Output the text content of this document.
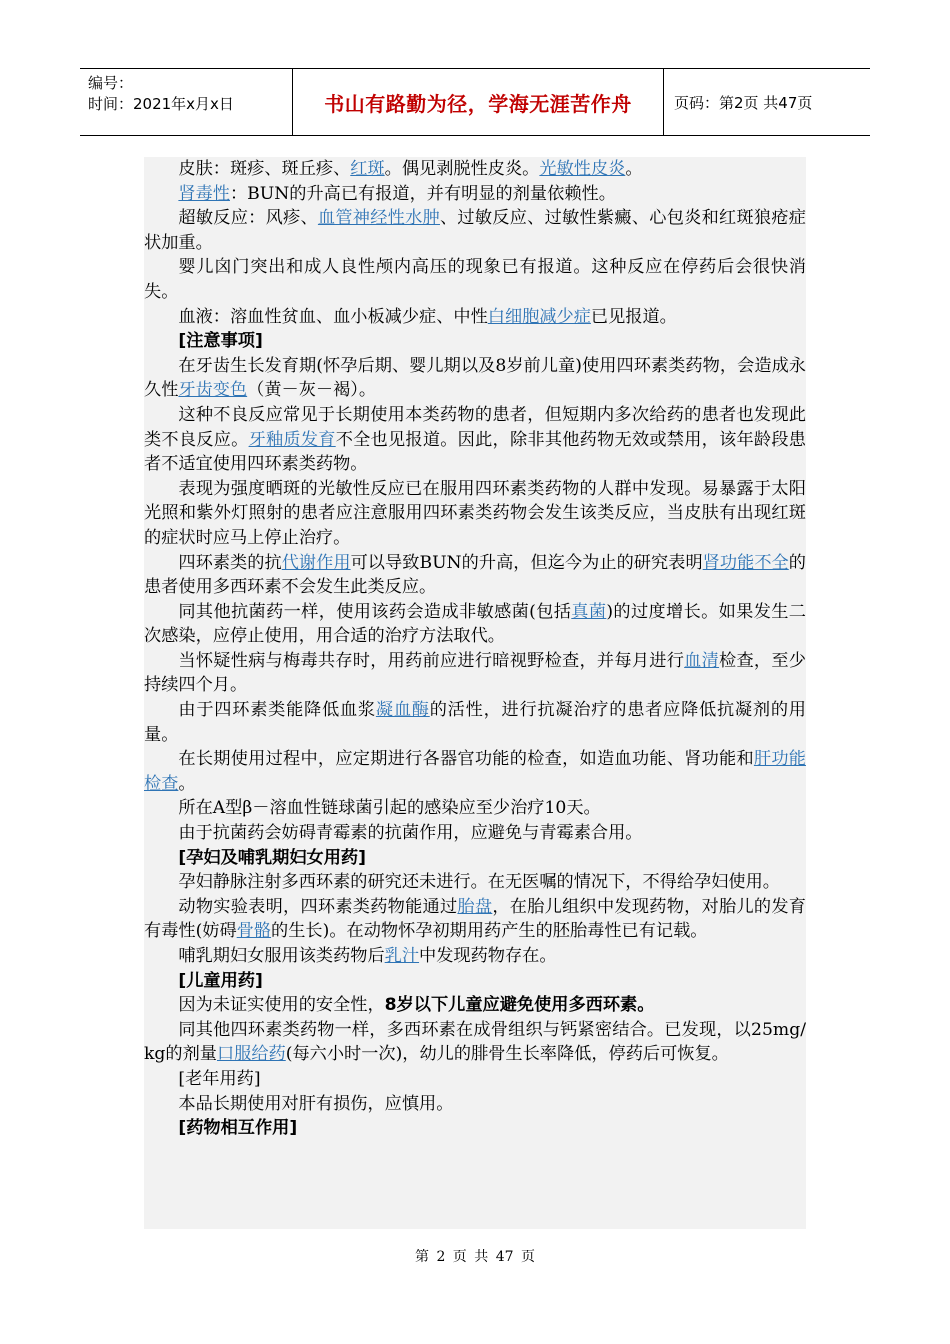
编号：
时间：2021年x月x日	书山有路勤为径，学海无涯苦作舟	页码：第2页 共47页

皮肤：斑疹、斑丘疹、红斑。偶见剥脱性皮炎。光敏性皮炎。

肾毒性：BUN的升高已有报道，并有明显的剂量依赖性。

超敏反应：风疹、血管神经性水肿、过敏反应、过敏性紫癜、心包炎和红斑狼疮症状加重。

婴儿囟门突出和成人良性颅内高压的现象已有报道。这种反应在停药后会很快消失。

血液：溶血性贫血、血小板减少症、中性白细胞减少症已见报道。

[注意事项]

在牙齿生长发育期(怀孕后期、婴儿期以及8岁前儿童)使用四环素类药物，会造成永久性牙齿变色（黄－灰－褐）。

这种不良反应常见于长期使用本类药物的患者，但短期内多次给药的患者也发现此类不良反应。牙釉质发育不全也见报道。因此，除非其他药物无效或禁用，该年龄段患者不适宜使用四环素类药物。

表现为强度晒斑的光敏性反应已在服用四环素类药物的人群中发现。易暴露于太阳光照和紫外灯照射的患者应注意服用四环素类药物会发生该类反应，当皮肤有出现红斑的症状时应马上停止治疗。

四环素类的抗代谢作用可以导致BUN的升高，但迄今为止的研究表明肾功能不全的患者使用多西环素不会发生此类反应。

同其他抗菌药一样，使用该药会造成非敏感菌(包括真菌)的过度增长。如果发生二次感染，应停止使用，用合适的治疗方法取代。

当怀疑性病与梅毒共存时，用药前应进行暗视野检查，并每月进行血清检查，至少持续四个月。

由于四环素类能降低血浆凝血酶的活性，进行抗凝治疗的患者应降低抗凝剂的用量。

在长期使用过程中，应定期进行各器官功能的检查，如造血功能、肾功能和肝功能检查。

所在A型β－溶血性链球菌引起的感染应至少治疗10天。

由于抗菌药会妨碍青霉素的抗菌作用，应避免与青霉素合用。

[孕妇及哺乳期妇女用药]

孕妇静脉注射多西环素的研究还未进行。在无医嘱的情况下，不得给孕妇使用。

动物实验表明，四环素类药物能通过胎盘，在胎儿组织中发现药物，对胎儿的发育有毒性(妨碍骨骼的生长)。在动物怀孕初期用药产生的胚胎毒性已有记载。

哺乳期妇女服用该类药物后乳汁中发现药物存在。

[儿童用药]

因为未证实使用的安全性，8岁以下儿童应避免使用多西环素。

同其他四环素类药物一样，多西环素在成骨组织与钙紧密结合。已发现，以25mg/kg的剂量口服给药(每六小时一次)，幼儿的腓骨生长率降低，停药后可恢复。

[老年用药]

本品长期使用对肝有损伤，应慎用。

[药物相互作用]

第 2 页 共 47 页
